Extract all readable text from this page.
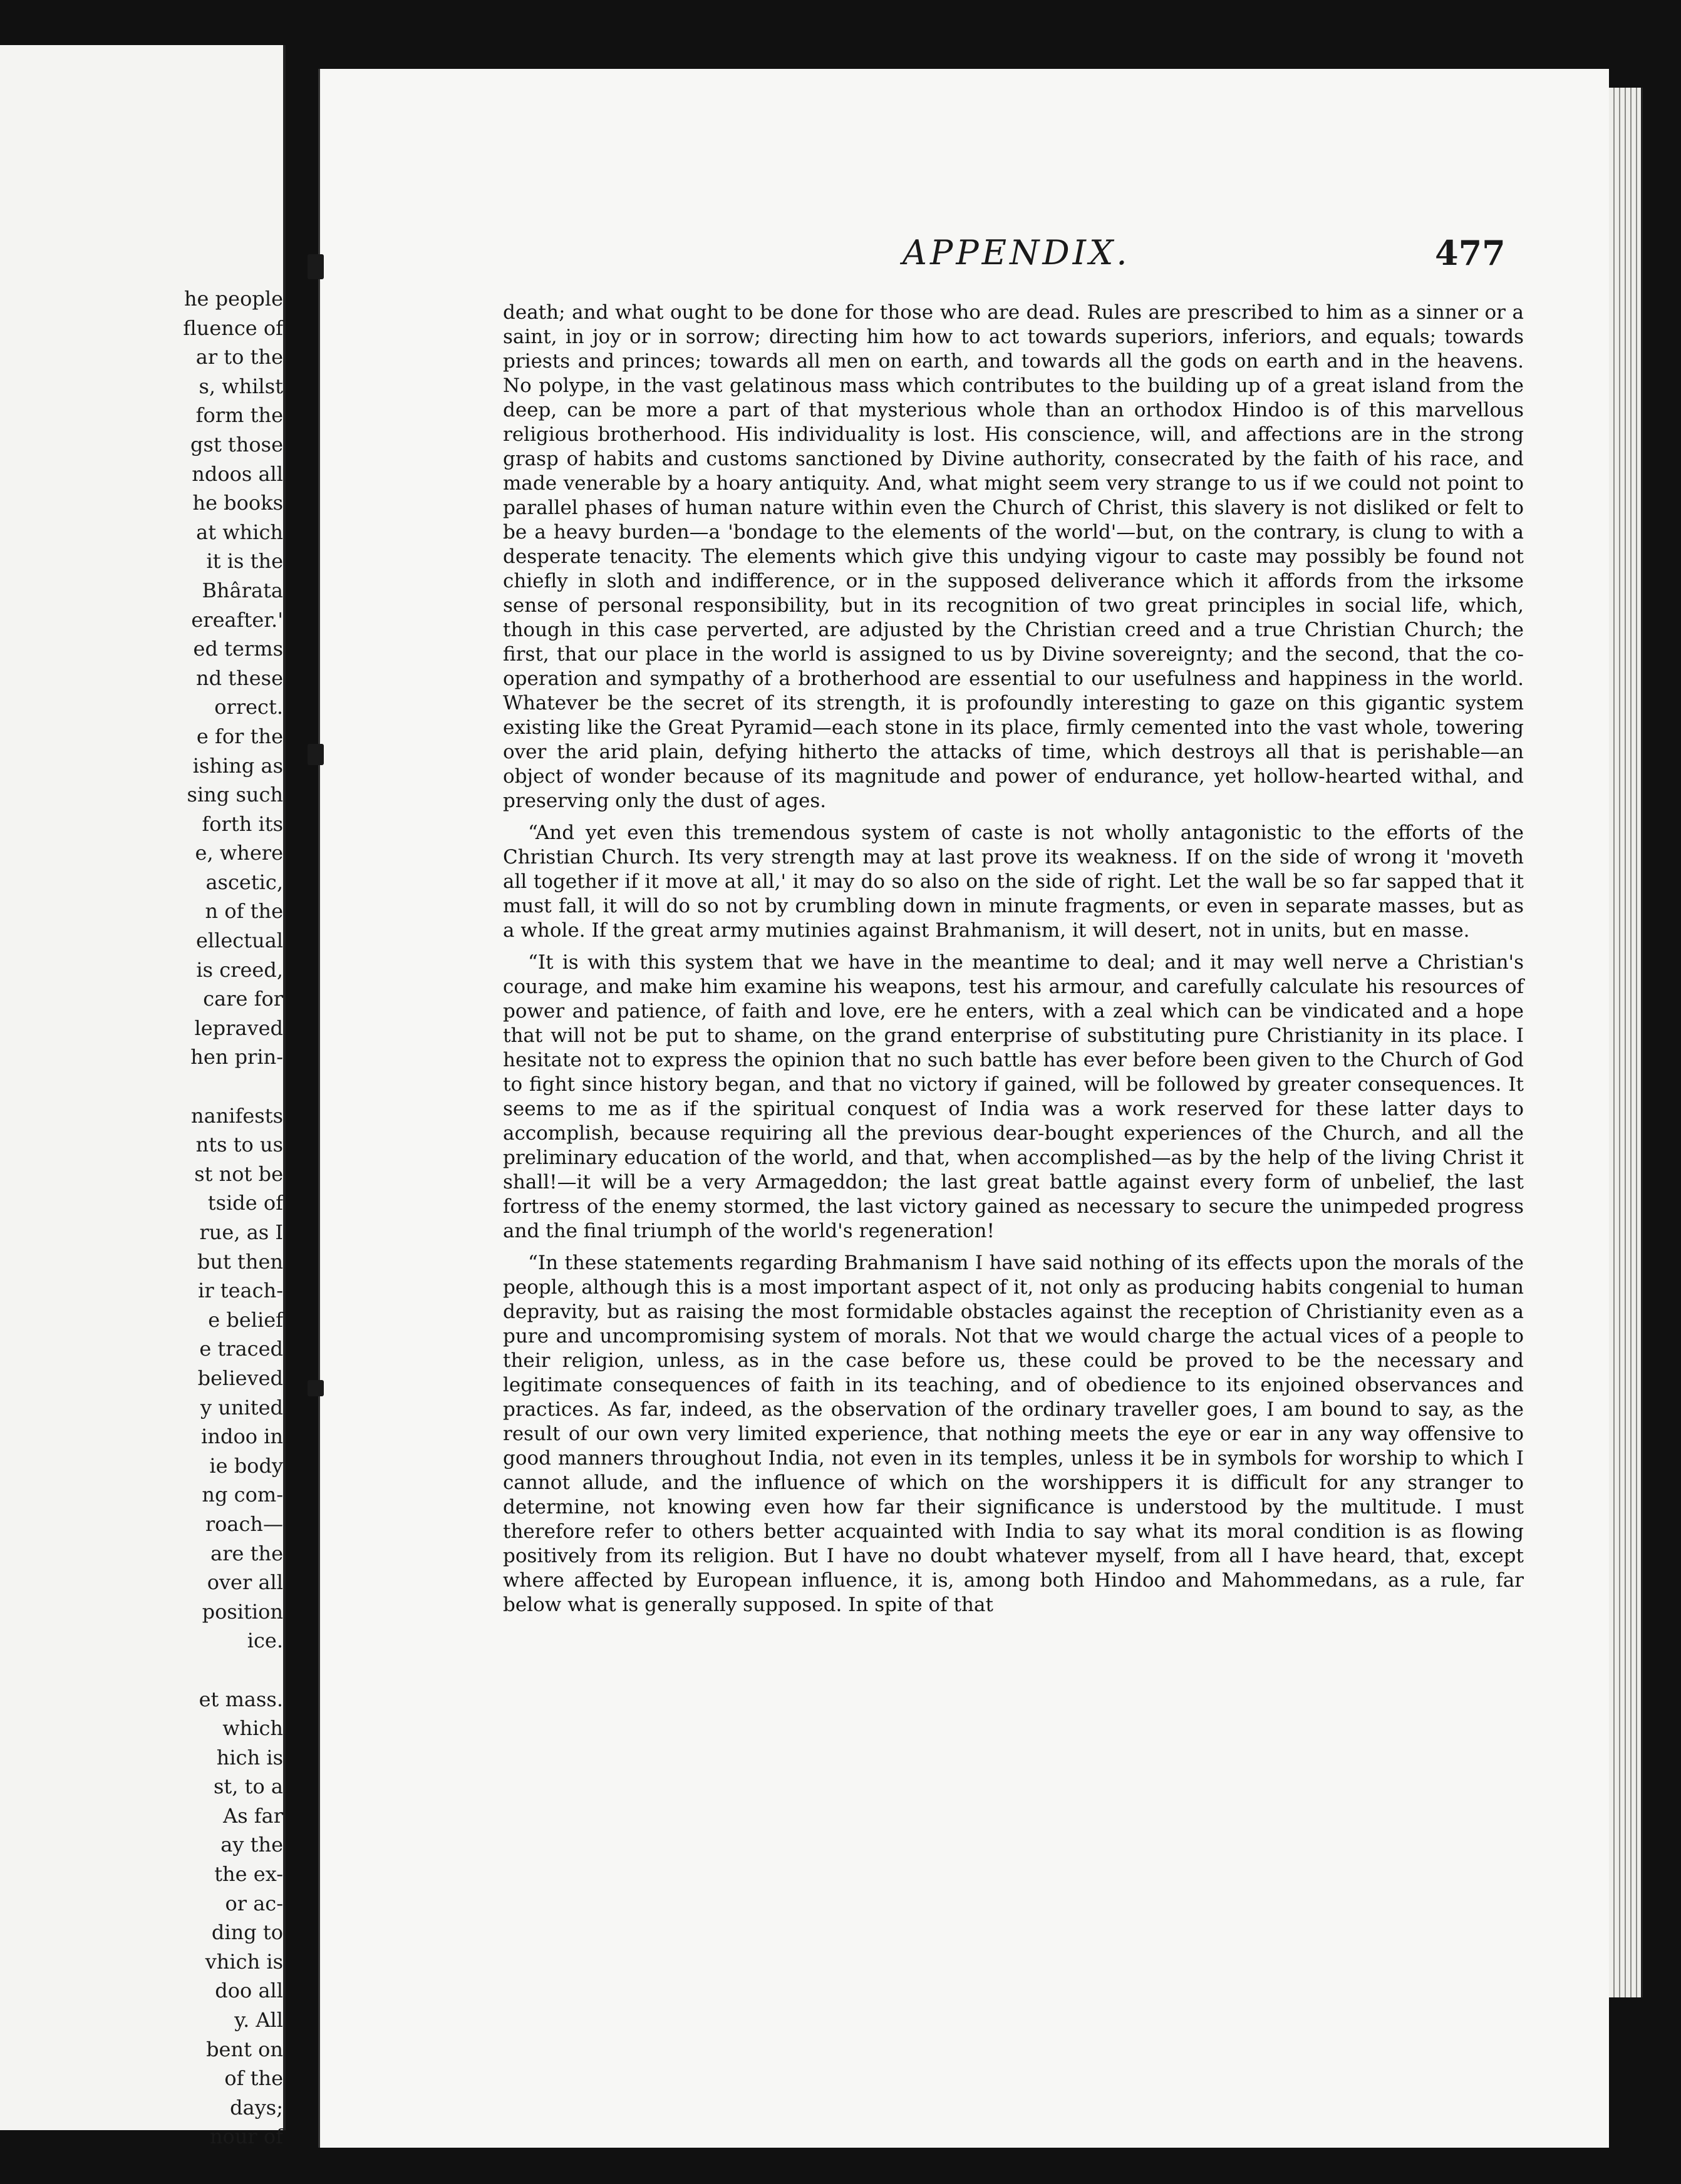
he people
fluence of
ar to the
s, whilst
form the
gst those
ndoos all
he books
at which
it is the
Bhârata
ereafter.'
ed terms
nd these
orrect.
e for the
ishing as
sing such
forth its
e, where
ascetic,
n of the
ellectual
is creed,
care for
lepraved
hen prin-

nanifests
nts to us
st not be
tside of
rue, as I
but then
ir teach-
e belief
e traced
believed
y united
indoo in
ie body
ng com-
roach—
are the
over all
position
ice.

et mass.
which
hich is
st, to a
As far
ay the
the ex-
or ac-
ding to
vhich is
doo all
y. All
bent on
of the
days;
nour of
APPENDIX.	477

death; and what ought to be done for those who are dead. Rules are prescribed to him as a sinner or a saint, in joy or in sorrow; directing him how to act towards superiors, inferiors, and equals; towards priests and princes; towards all men on earth, and towards all the gods on earth and in the heavens. No polype, in the vast gelatinous mass which contributes to the building up of a great island from the deep, can be more a part of that mysterious whole than an orthodox Hindoo is of this marvellous religious brotherhood. His individuality is lost. His conscience, will, and affections are in the strong grasp of habits and customs sanctioned by Divine authority, consecrated by the faith of his race, and made venerable by a hoary antiquity. And, what might seem very strange to us if we could not point to parallel phases of human nature within even the Church of Christ, this slavery is not disliked or felt to be a heavy burden—a 'bondage to the elements of the world'—but, on the contrary, is clung to with a desperate tenacity. The elements which give this undying vigour to caste may possibly be found not chiefly in sloth and indifference, or in the supposed deliverance which it affords from the irksome sense of personal responsibility, but in its recognition of two great principles in social life, which, though in this case perverted, are adjusted by the Christian creed and a true Christian Church; the first, that our place in the world is assigned to us by Divine sovereignty; and the second, that the co-operation and sympathy of a brotherhood are essential to our usefulness and happiness in the world. Whatever be the secret of its strength, it is profoundly interesting to gaze on this gigantic system existing like the Great Pyramid—each stone in its place, firmly cemented into the vast whole, towering over the arid plain, defying hitherto the attacks of time, which destroys all that is perishable—an object of wonder because of its magnitude and power of endurance, yet hollow-hearted withal, and preserving only the dust of ages.

“And yet even this tremendous system of caste is not wholly antagonistic to the efforts of the Christian Church. Its very strength may at last prove its weakness. If on the side of wrong it 'moveth all together if it move at all,' it may do so also on the side of right. Let the wall be so far sapped that it must fall, it will do so not by crumbling down in minute fragments, or even in separate masses, but as a whole. If the great army mutinies against Brahmanism, it will desert, not in units, but en masse.

“It is with this system that we have in the meantime to deal; and it may well nerve a Christian's courage, and make him examine his weapons, test his armour, and carefully calculate his resources of power and patience, of faith and love, ere he enters, with a zeal which can be vindicated and a hope that will not be put to shame, on the grand enterprise of substituting pure Christianity in its place. I hesitate not to express the opinion that no such battle has ever before been given to the Church of God to fight since history began, and that no victory if gained, will be followed by greater consequences. It seems to me as if the spiritual conquest of India was a work reserved for these latter days to accomplish, because requiring all the previous dear-bought experiences of the Church, and all the preliminary education of the world, and that, when accomplished—as by the help of the living Christ it shall!—it will be a very Armageddon; the last great battle against every form of unbelief, the last fortress of the enemy stormed, the last victory gained as necessary to secure the unimpeded progress and the final triumph of the world's regeneration!

“In these statements regarding Brahmanism I have said nothing of its effects upon the morals of the people, although this is a most important aspect of it, not only as producing habits congenial to human depravity, but as raising the most formidable obstacles against the reception of Christianity even as a pure and uncompromising system of morals. Not that we would charge the actual vices of a people to their religion, unless, as in the case before us, these could be proved to be the necessary and legitimate consequences of faith in its teaching, and of obedience to its enjoined observances and practices. As far, indeed, as the observation of the ordinary traveller goes, I am bound to say, as the result of our own very limited experience, that nothing meets the eye or ear in any way offensive to good manners throughout India, not even in its temples, unless it be in symbols for worship to which I cannot allude, and the influence of which on the worshippers it is difficult for any stranger to determine, not knowing even how far their significance is understood by the multitude. I must therefore refer to others better acquainted with India to say what its moral condition is as flowing positively from its religion. But I have no doubt whatever myself, from all I have heard, that, except where affected by European influence, it is, among both Hindoo and Mahommedans, as a rule, far below what is generally supposed. In spite of that
